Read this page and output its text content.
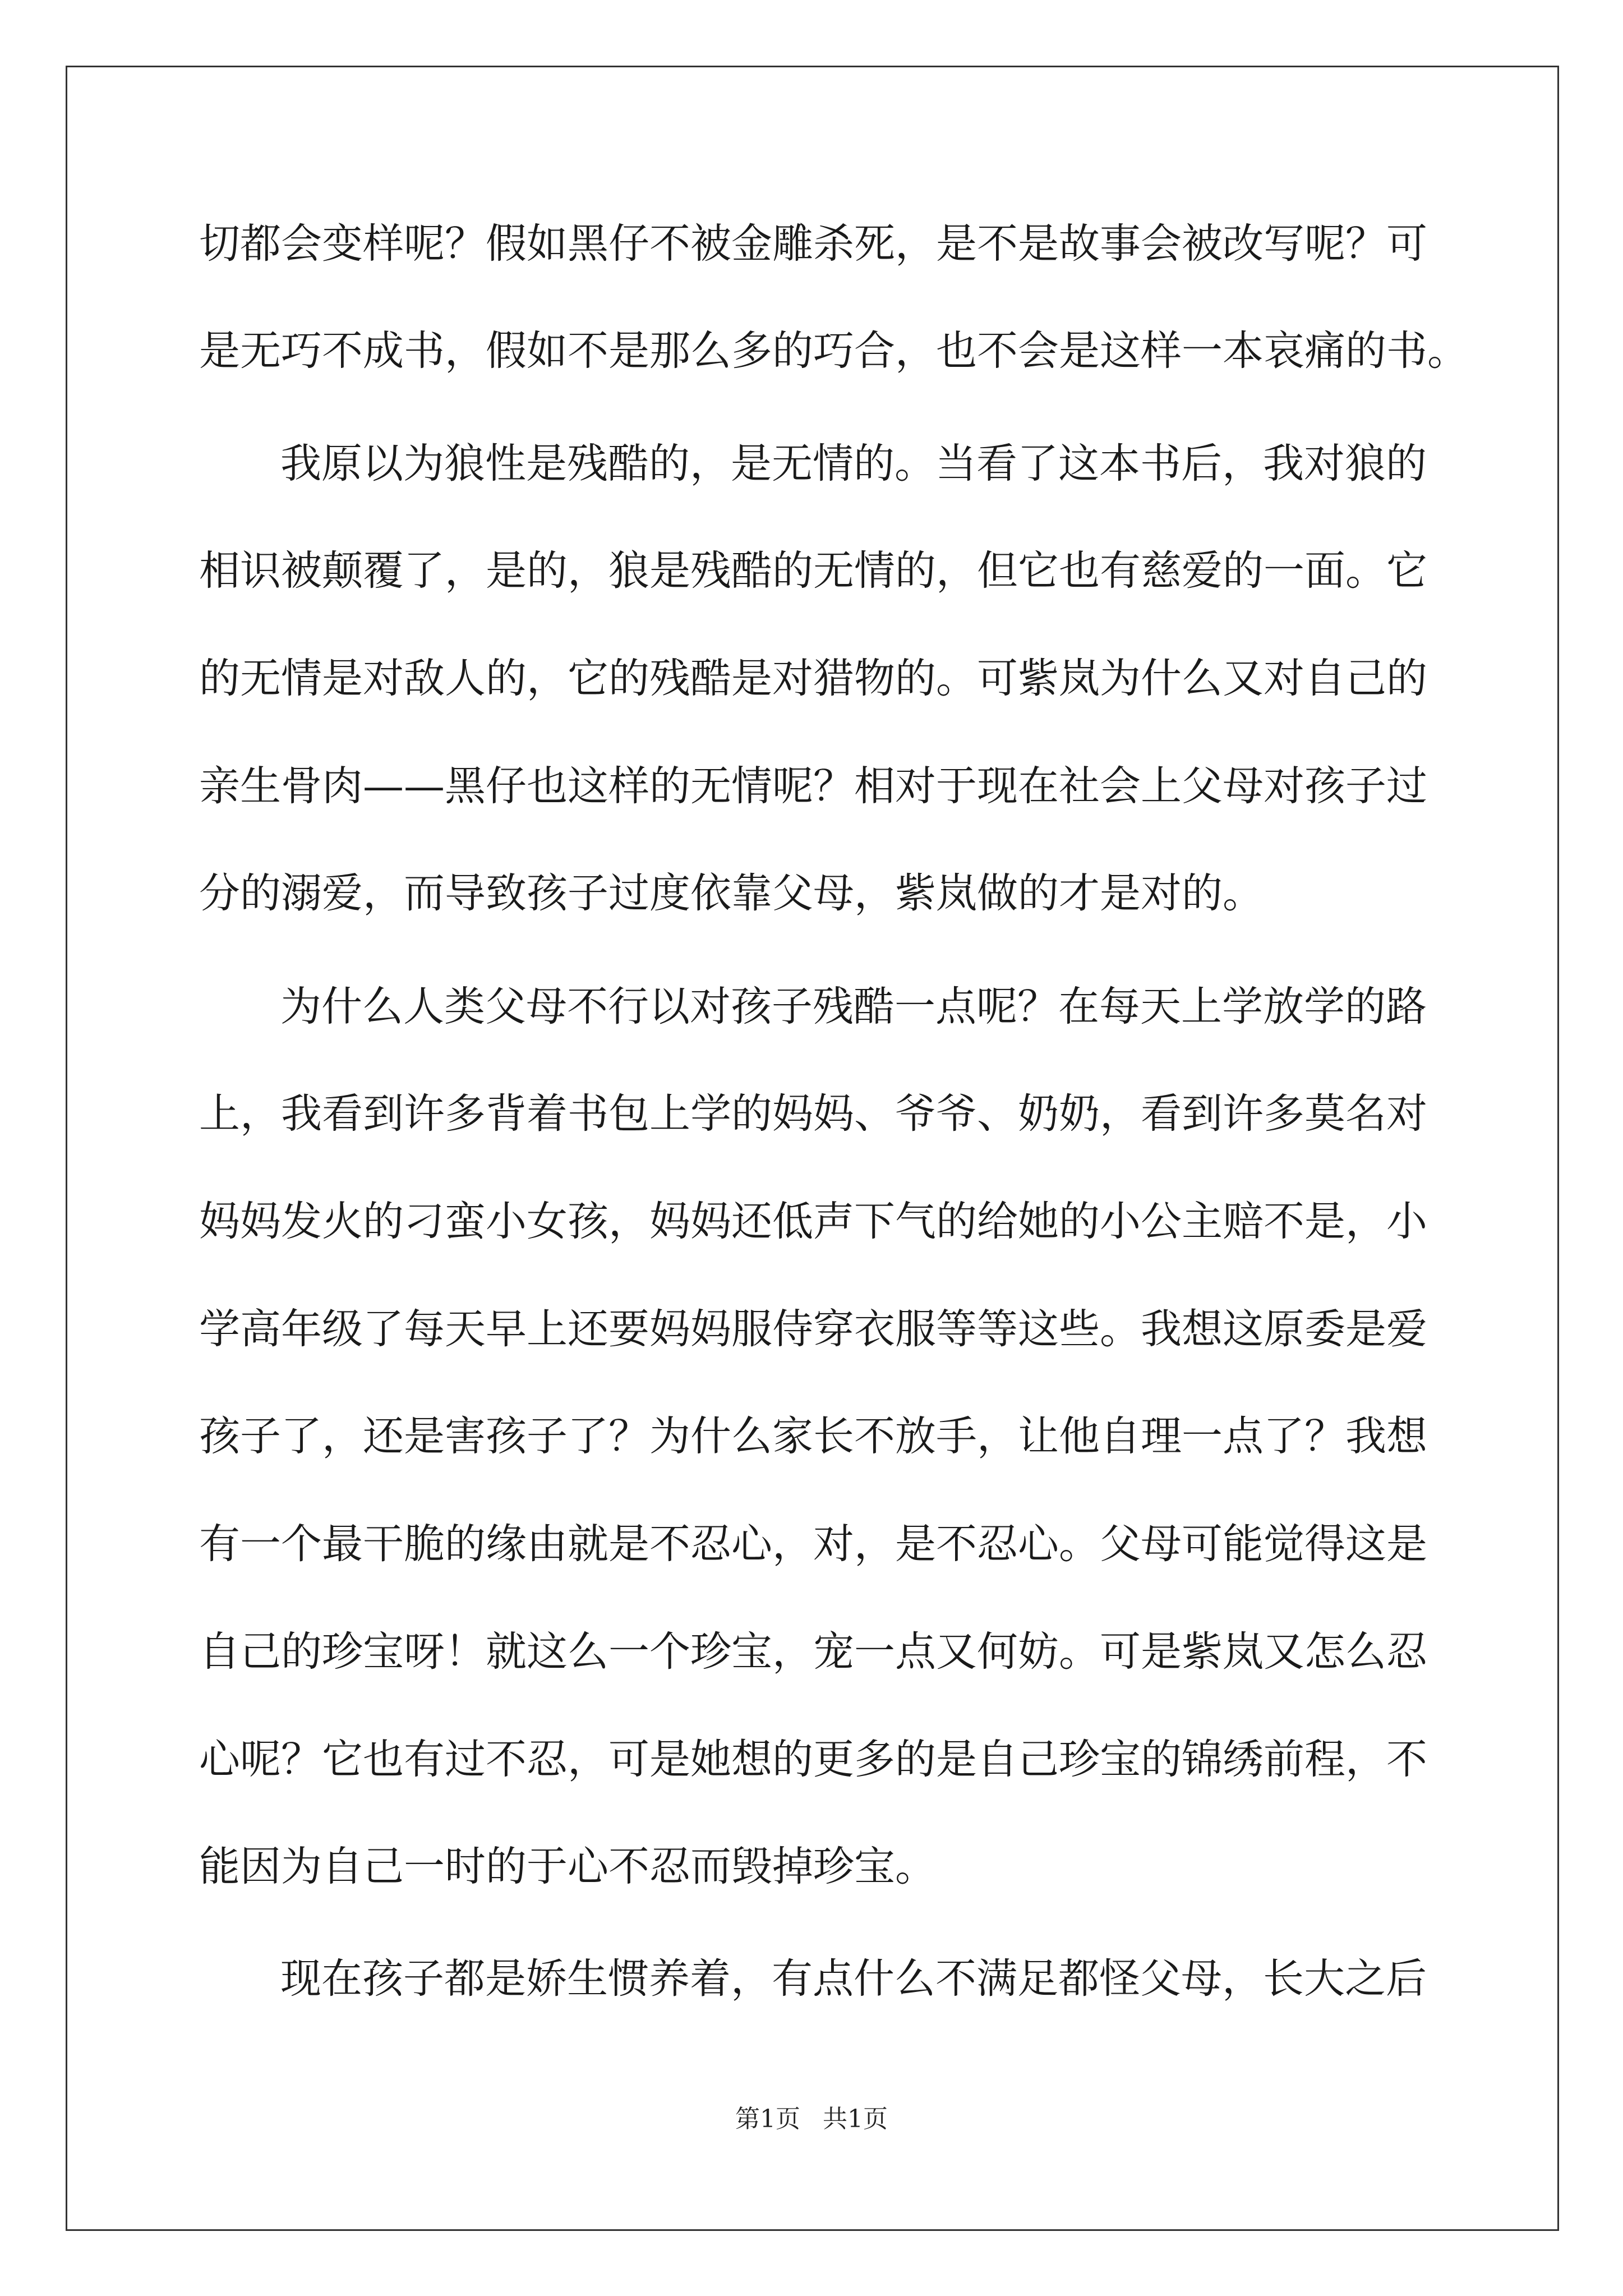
切都会变样呢？假如黑仔不被金雕杀死，是不是故事会被改写呢？可
是无巧不成书，假如不是那么多的巧合，也不会是这样一本哀痛的书。
我原以为狼性是残酷的，是无情的。当看了这本书后，我对狼的
相识被颠覆了，是的，狼是残酷的无情的，但它也有慈爱的一面。它
的无情是对敌人的，它的残酷是对猎物的。可紫岚为什么又对自己的
亲生骨肉——黑仔也这样的无情呢？相对于现在社会上父母对孩子过
分的溺爱，而导致孩子过度依靠父母，紫岚做的才是对的。
为什么人类父母不行以对孩子残酷一点呢？在每天上学放学的路
上，我看到许多背着书包上学的妈妈、爷爷、奶奶，看到许多莫名对
妈妈发火的刁蛮小女孩，妈妈还低声下气的给她的小公主赔不是，小
学高年级了每天早上还要妈妈服侍穿衣服等等这些。我想这原委是爱
孩子了，还是害孩子了？为什么家长不放手，让他自理一点了？我想
有一个最干脆的缘由就是不忍心，对，是不忍心。父母可能觉得这是
自己的珍宝呀！就这么一个珍宝，宠一点又何妨。可是紫岚又怎么忍
心呢？它也有过不忍，可是她想的更多的是自己珍宝的锦绣前程，不
能因为自己一时的于心不忍而毁掉珍宝。
现在孩子都是娇生惯养着，有点什么不满足都怪父母，长大之后
第1页 共1页
